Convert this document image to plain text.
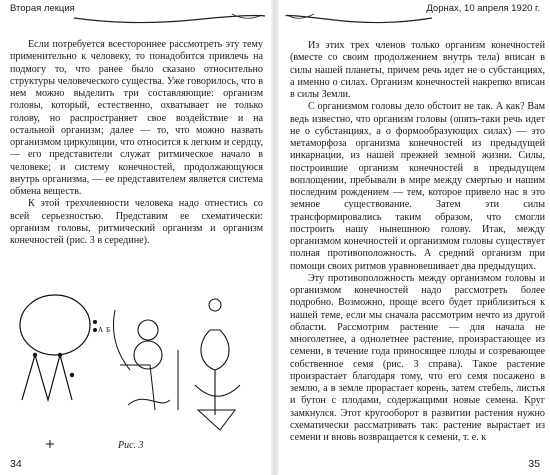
Вторая лекция

Если потребуется всестороннее рассмотреть эту тему применительно к человеку, то понадобится привлечь на подмогу то, что ранее было сказано относительно структуры человеческого существа. Уже говорилось, что в нем можно выделить три составляющие: организм головы, который, естественно, охватывает не только голову, но распространяет свое воздействие и на остальной организм; далее — то, что можно назвать организмом циркуляции, что относится к легким и сердцу, — его представители служат ритмическое начало в человеке; и систему конечностей, продолжающуюся внутрь организма, — ее представителем является система обмена веществ.

К этой трехчленности человека надо отнестись со всей серьезностью. Представим ее схематически: организм головы, ритмический организм и организм конечностей (рис. 3 в середине).

А Б
Рис. 3
34
Дорнах, 10 апреля 1920 г.

Из этих трех членов только организм конечностей (вместе со своим продолжением внутрь тела) вписан в силы нашей планеты, причем речь идет не о субстанциях, а именно о силах. Организм конечностей накрепко вписан в силы Земли.

С организмом головы дело обстоит не так. А как? Вам ведь известно, что организм головы (опять-таки речь идет не о субстанциях, а о формообразующих силах) — это метаморфоза организма конечностей из предыдущей инкарнации, из нашей прежней земной жизни. Силы, построившие организм конечностей в предыдущем воплощении, пребывали в мире между смертью и нашим последним рождением — тем, которое привело нас в это земное существование. Затем эти силы трансформировались таким образом, что смогли построить нашу нынешнюю голову. Итак, между организмом конечностей и организмом головы существует полная противоположность. А средний организм при помощи своих ритмов уравновешивает два предыдущих.

Эту противоположность между организмом головы и организмом конечностей надо рассмотреть более подробно. Возможно, проще всего будет приблизиться к нашей теме, если мы сначала рассмотрим нечто из другой области. Рассмотрим растение — для начала не многолетнее, а однолетнее растение, произрастающее из семени, в течение года приносящее плоды и созревающее собственное семя (рис. 3 справа). Такое растение произрастает благодаря тому, что его семя посажено в землю, а в земле прорастает корень, затем стебель, листья и бутон с плодами, содержащими новые семена. Круг замкнулся. Этот кругооборот в развитии растения нужно схематически рассматривать так: растение вырастает из семени и вновь возвращается к семени, т. е. к

35
